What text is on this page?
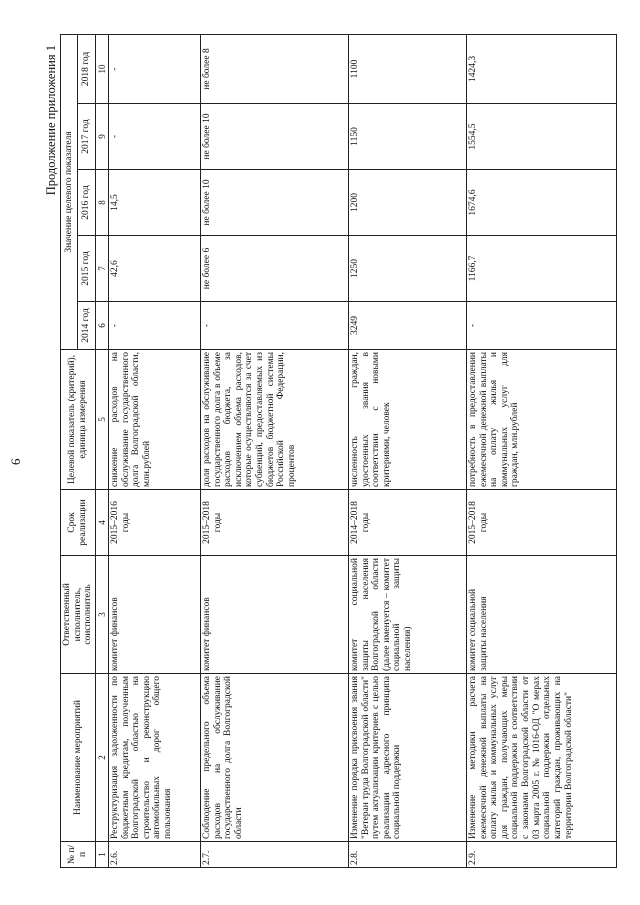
6
Продолжение приложения 1
№ п/п	Наименование мероприятий	Ответственный исполнитель, соисполнитель	Срок реализации	Целевой показатель (критерий), единица измерения	Значение целевого показателя				
					2014 год	2015 год	2016 год	2017 год	2018 год
1	2	3	4	5	6	7	8	9	10
2.6.	Реструктуризация задолженности по бюджетным кредитам, полученным Волгоградской областью на строительство и реконструкцию автомобильных дорог общего пользования	комитет финансов	2015–2016 годы	снижение расходов на обслуживание государственного долга Волгоградской области, млн.рублей	-	42,6	14,5	-	-
2.7.	Соблюдение предельного объема расходов на обслуживание государственного долга Волгоградской области	комитет финансов	2015–2018 годы	доля расходов на обслуживание государственного долга в объеме расходов бюджета, за исключением объема расходов, которые осуществляются за счет субвенций, предоставляемых из бюджетов бюджетной системы Российской Федерации, процентов	-	не более 6	не более 10	не более 10	не более 8
2.8.	Изменение порядка присвоения звания "Ветеран труда Волгоградской области" путем актуализации критериев с целью реализации адресного принципа социальной поддержки	комитет социальной защиты населения Волгоградской области (далее именуется – комитет социальной защиты населения)	2014–2018 годы	численность граждан, удостоенных звания в соответствии с новыми критериями, человек	3249	1250	1200	1150	1100
2.9.	Изменение методики расчета ежемесячной денежной выплаты на оплату жилья и коммунальных услуг для граждан, получающих меры социальной поддержки в соответствии с законами Волгоградской области от 03 марта 2005 г. № 1016-ОД "О мерах социальной поддержки отдельных категорий граждан, проживающих на территории Волгоградской области"	комитет социальной защиты населения	2015–2018 годы	потребность в предоставлении ежемесячной денежной выплаты на оплату жилья и коммунальных услуг для граждан, млн.рублей	-	1166,7	1674,6	1554,5	1424,3
